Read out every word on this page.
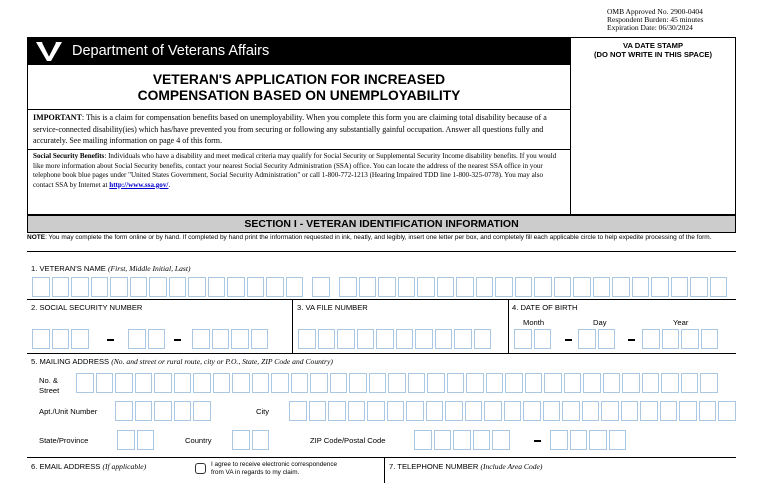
OMB Approved No. 2900-0404
Respondent Burden: 45 minutes
Expiration Date: 06/30/2024
Department of Veterans Affairs	VA DATE STAMP
(DO NOT WRITE IN THIS SPACE)
VETERAN'S APPLICATION FOR INCREASED
COMPENSATION BASED ON UNEMPLOYABILITY
IMPORTANT: This is a claim for compensation benefits based on unemployability. When you complete this form you are claiming total disability because of a service-connected disability(ies) which has/have prevented you from securing or following any substantially gainful occupation. Answer all questions fully and accurately. See mailing information on page 4 of this form.
Social Security Benefits: Individuals who have a disability and meet medical criteria may qualify for Social Security or Supplemental Security Income disability benefits. If you would like more information about Social Security benefits, contact your nearest Social Security Administration (SSA) office. You can locate the address of the nearest SSA office in your telephone book blue pages under "United States Government, Social Security Administration" or call 1-800-772-1213 (Hearing Impaired TDD line 1-800-325-0778). You may also contact SSA by Internet at http://www.ssa.gov/.
SECTION I - VETERAN IDENTIFICATION INFORMATION
NOTE: You may complete the form online or by hand. If completed by hand print the information requested in ink, neatly, and legibly, insert one letter per box, and completely fill each applicable circle to help expedite processing of the form.
1. VETERAN'S NAME (First, Middle Initial, Last)
2. SOCIAL SECURITY NUMBER	3. VA FILE NUMBER	4. DATE OF BIRTH
Month	Day	Year
5. MAILING ADDRESS (No. and street or rural route, city or P.O., State, ZIP Code and Country)
No. &
Street
Apt./Unit Number	City
State/Province	Country	ZIP Code/Postal Code
6. EMAIL ADDRESS (If applicable)	I agree to receive electronic correspondence
from VA in regards to my claim.
7. TELEPHONE NUMBER (Include Area Code)
